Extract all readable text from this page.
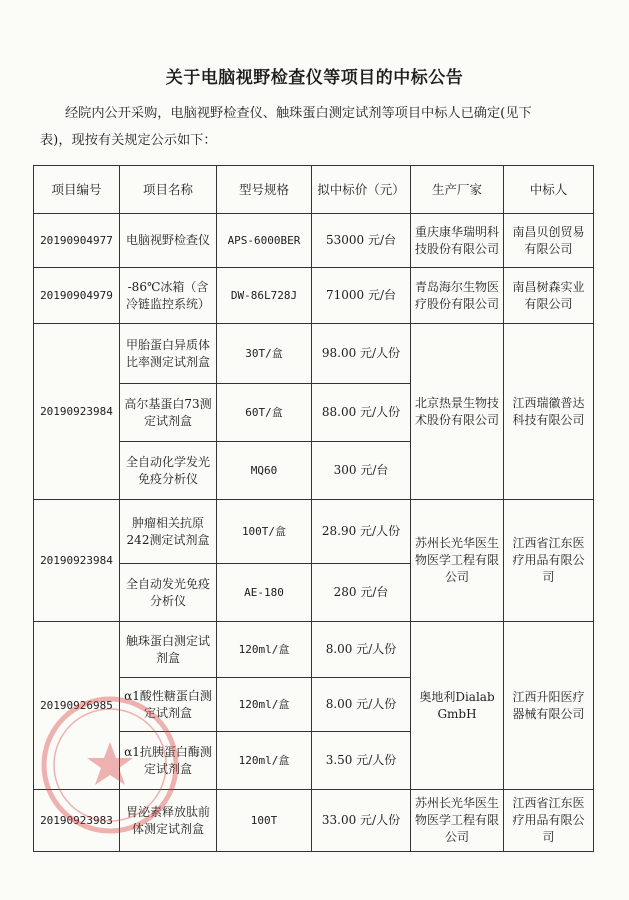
关于电脑视野检查仪等项目的中标公告
经院内公开采购，电脑视野检查仪、触珠蛋白测定试剂等项目中标人已确定(见下
表)，现按有关规定公示如下：
项目编号	项目名称	型号规格	拟中标价（元）	生产厂家	中标人
20190904977	电脑视野检查仪	APS-6000BER	53000 元/台	重庆康华瑞明科技股份有限公司	南昌贝创贸易有限公司
20190904979	-86℃冰箱（含冷链监控系统）	DW-86L728J	71000 元/台	青岛海尔生物医疗股份有限公司	南昌树森实业有限公司
20190923984	甲胎蛋白异质体比率测定试剂盒	30T/盒	98.00 元/人份	北京热景生物技术股份有限公司	江西瑞徽普达科技有限公司
	高尔基蛋白73测定试剂盒	60T/盒	88.00 元/人份		
	全自动化学发光免疫分析仪	MQ60	300 元/台		
20190923984	肿瘤相关抗原242测定试剂盒	100T/盒	28.90 元/人份	苏州长光华医生物医学工程有限公司	江西省江东医疗用品有限公司
	全自动发光免疫分析仪	AE-180	280 元/台		
20190926985	触珠蛋白测定试剂盒	120ml/盒	8.00 元/人份	奥地利Dialab GmbH	江西升阳医疗器械有限公司
	α1酸性糖蛋白测定试剂盒	120ml/盒	8.00 元/人份		
	α1抗胰蛋白酶测定试剂盒	120ml/盒	3.50 元/人份		
20190923983	胃泌素释放肽前体测定试剂盒	100T	33.00 元/人份	苏州长光华医生物医学工程有限公司	江西省江东医疗用品有限公司
